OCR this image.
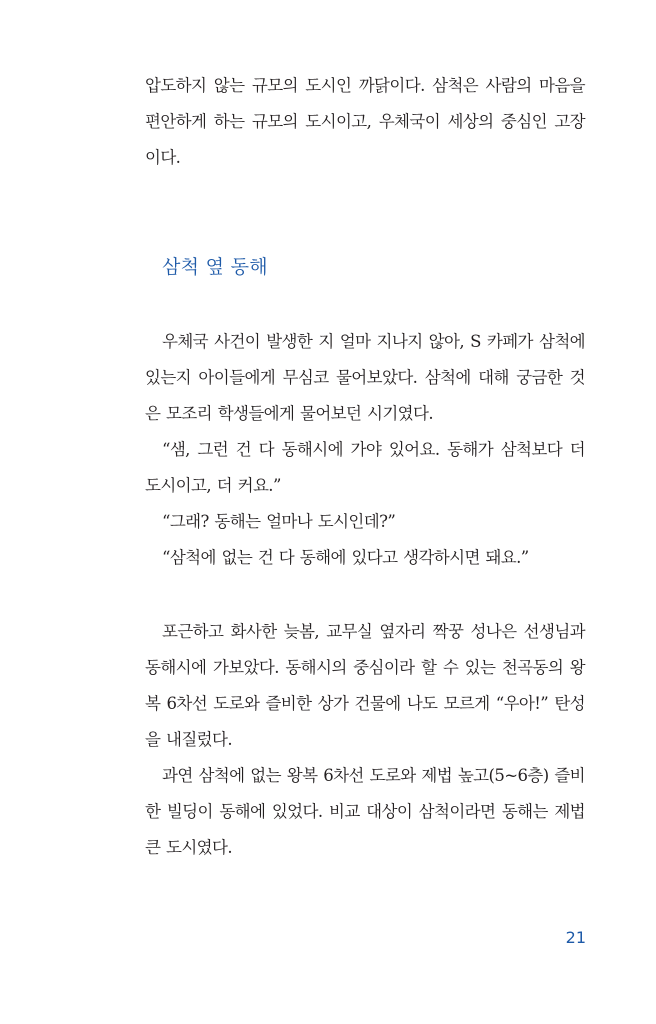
압도하지 않는 규모의 도시인 까닭이다. 삼척은 사람의 마음을 편안하게 하는 규모의 도시이고, 우체국이 세상의 중심인 고장이다.

삼척 옆 동해

우체국 사건이 발생한 지 얼마 지나지 않아, S 카페가 삼척에 있는지 아이들에게 무심코 물어보았다. 삼척에 대해 궁금한 것은 모조리 학생들에게 물어보던 시기였다.

“샘, 그런 건 다 동해시에 가야 있어요. 동해가 삼척보다 더 도시이고, 더 커요.”

“그래? 동해는 얼마나 도시인데?”

“삼척에 없는 건 다 동해에 있다고 생각하시면 돼요.”

포근하고 화사한 늦봄, 교무실 옆자리 짝꿍 성나은 선생님과 동해시에 가보았다. 동해시의 중심이라 할 수 있는 천곡동의 왕복 6차선 도로와 즐비한 상가 건물에 나도 모르게 “우아!” 탄성을 내질렀다.

과연 삼척에 없는 왕복 6차선 도로와 제법 높고(5~6층) 즐비한 빌딩이 동해에 있었다. 비교 대상이 삼척이라면 동해는 제법 큰 도시였다.

21
